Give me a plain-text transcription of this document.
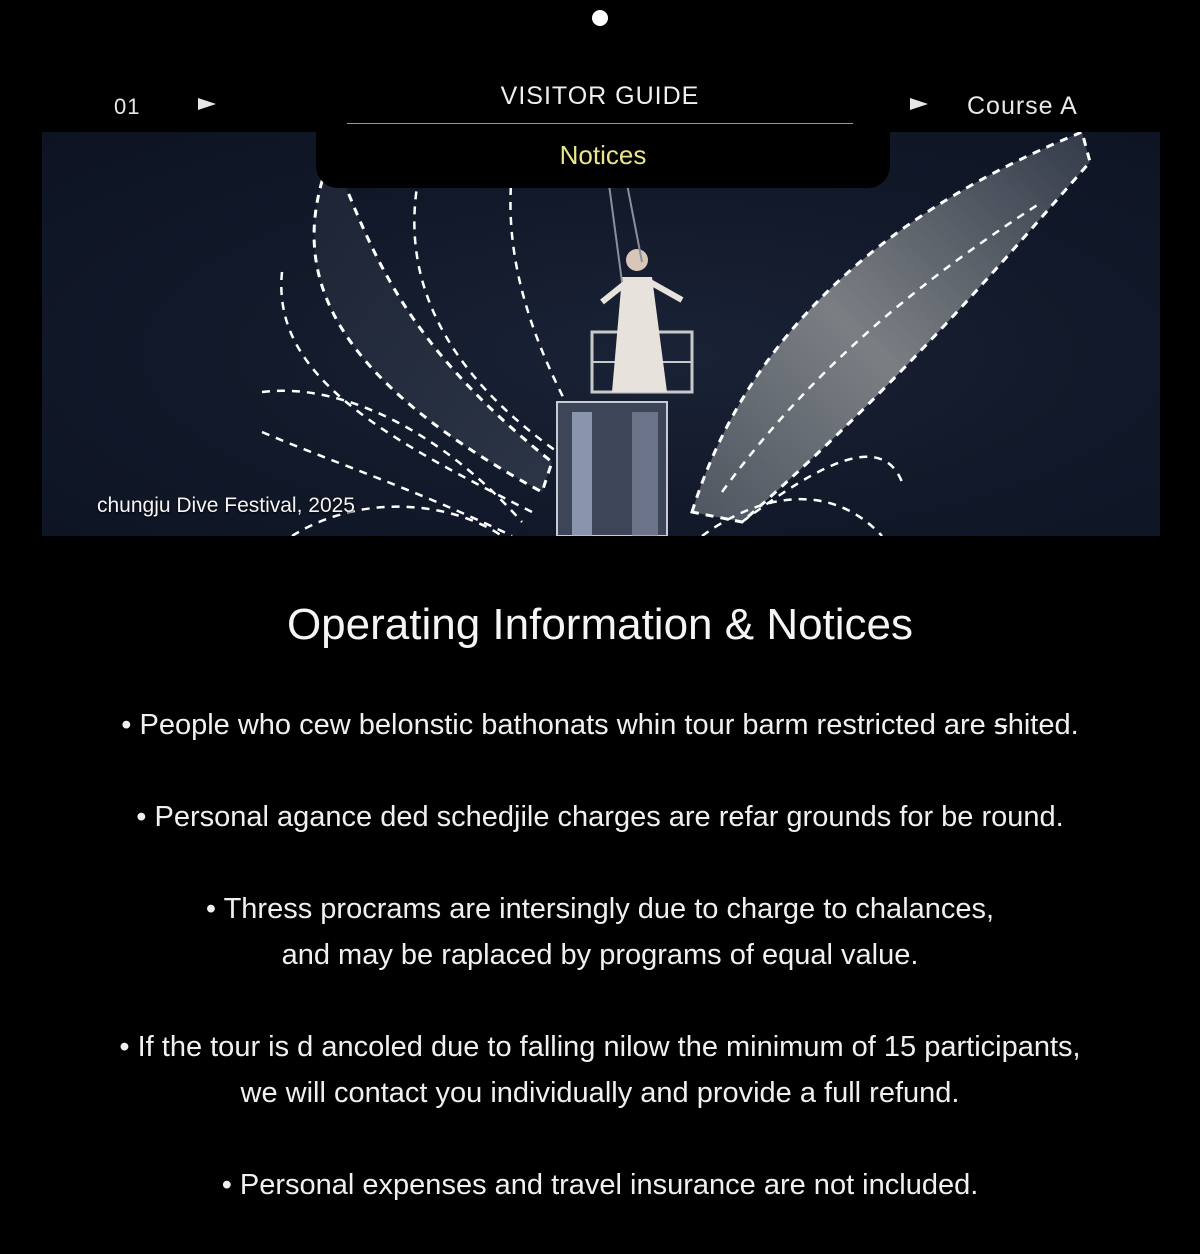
01	VISITOR GUIDE	Course A
chungju Dive Festival, 2025
Notices
Operating Information & Notices
• People who cew belonstic bathonats whin tour barm restricted are ꟊhited.
• Personal agance ded schedjile charges are refar grounds for be round.
• Thress procrams are intersingly due to charge to chalances,
and may be raplaced by programs of equal value.
• If the tour is d ancoled due to falling nilow the minimum of 15 participants,
we will contact you individually and provide a full refund.
• Personal expenses and travel insurance are not included.
